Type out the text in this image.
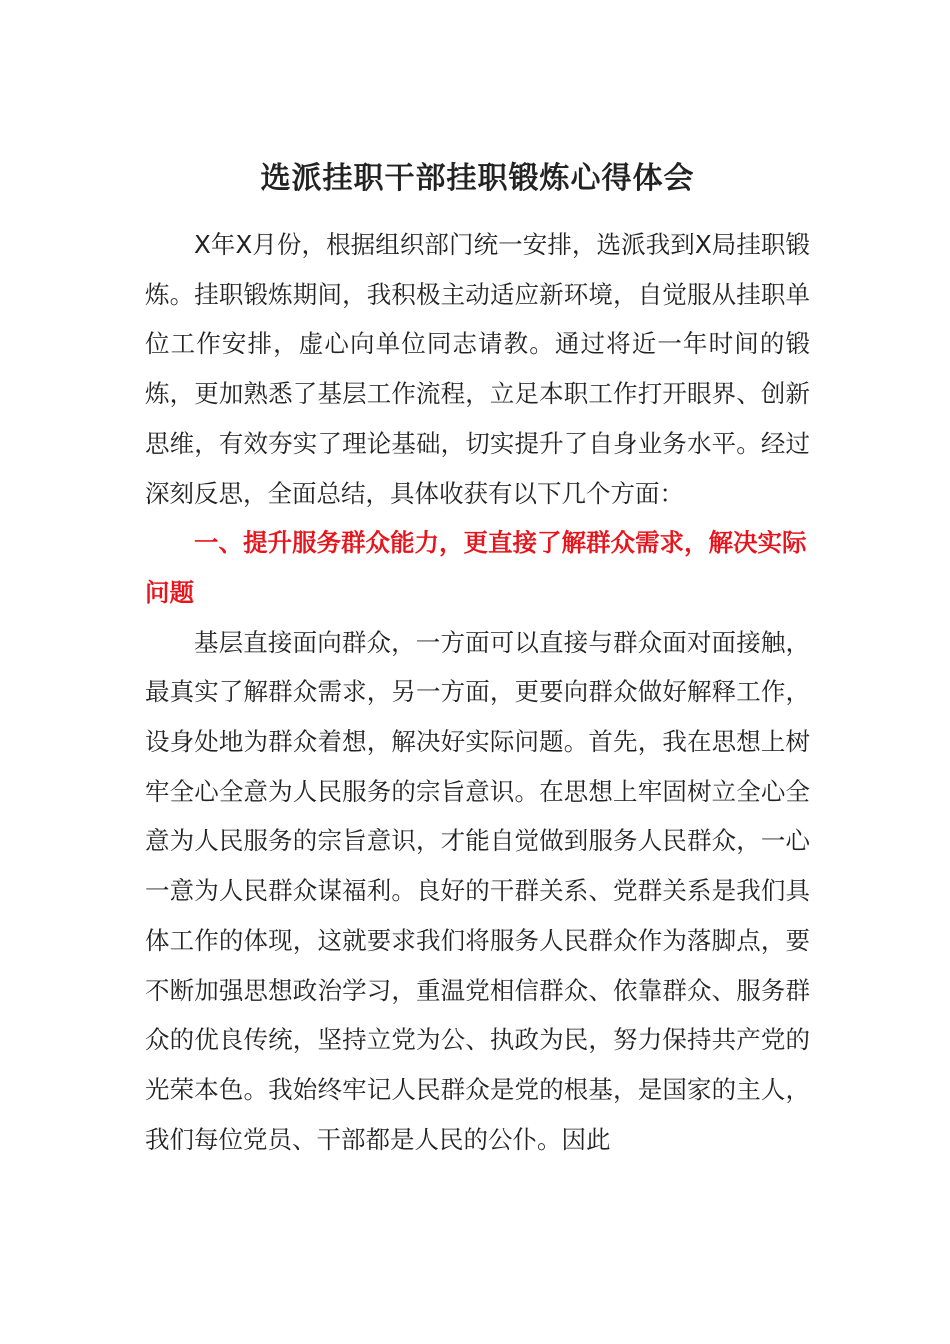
选派挂职干部挂职锻炼心得体会

X年X月份，根据组织部门统一安排，选派我到X局挂职锻炼。挂职锻炼期间，我积极主动适应新环境，自觉服从挂职单位工作安排，虚心向单位同志请教。通过将近一年时间的锻炼，更加熟悉了基层工作流程，立足本职工作打开眼界、创新思维，有效夯实了理论基础，切实提升了自身业务水平。经过深刻反思，全面总结，具体收获有以下几个方面：

一、提升服务群众能力，更直接了解群众需求，解决实际问题

基层直接面向群众，一方面可以直接与群众面对面接触，最真实了解群众需求，另一方面，更要向群众做好解释工作，设身处地为群众着想，解决好实际问题。首先，我在思想上树牢全心全意为人民服务的宗旨意识。在思想上牢固树立全心全意为人民服务的宗旨意识，才能自觉做到服务人民群众，一心一意为人民群众谋福利。良好的干群关系、党群关系是我们具体工作的体现，这就要求我们将服务人民群众作为落脚点，要不断加强思想政治学习，重温党相信群众、依靠群众、服务群众的优良传统，坚持立党为公、执政为民，努力保持共产党的光荣本色。我始终牢记人民群众是党的根基，是国家的主人，我们每位党员、干部都是人民的公仆。因此
